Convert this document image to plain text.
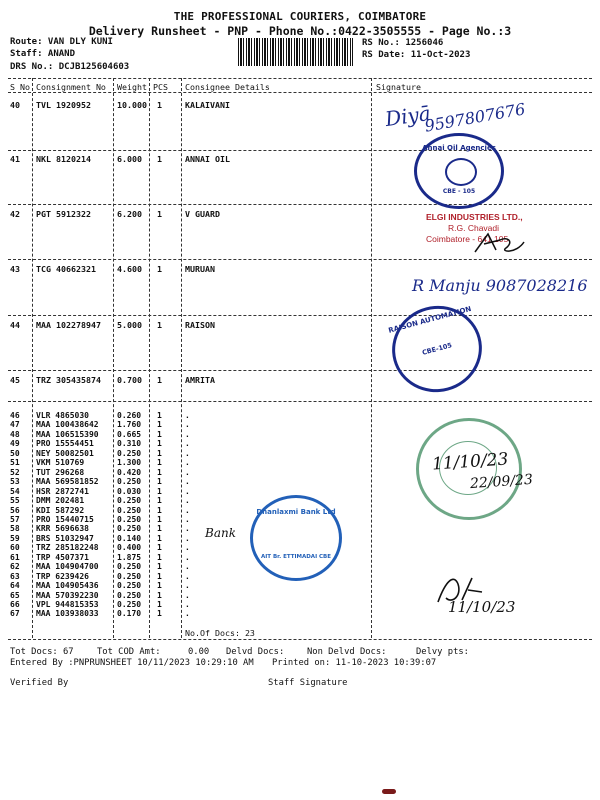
THE PROFESSIONAL COURIERS, COIMBATORE
Delivery Runsheet - PNP - Phone No.:0422-3505555 - Page No.:3
Route: VAN DLY KUNI
Staff: ANAND
DRS No.: DCJB125604603
RS No.: 1256046
RS Date: 11-Oct-2023
S No Consignment No Weight PCS Consignee Details	Signature
40 TVL 1920952	10.000 1	KALAIVANI
41 NKL 8120214	6.000 1	ANNAI OIL
42 PGT 5912322	6.200 1	V GUARD
43 TCG 40662321	4.600 1	MURUAN
44 MAA 102278947 5.000 1	RAISON
45 TRZ 305435874 0.700 1	AMRITA
46 VLR 4865030	0.260 1	.
47 MAA 100438642 1.760 1	.
48 MAA 106515390 0.665 1	.
49 PRO 15554451	0.310 1	.
50 NEY 50082501	0.250 1	.
51 VKM 510769	1.300 1	.
52 TUT 296268	0.420 1	.
53 MAA 569581852 0.250 1	.
54 HSR 2872741	0.030 1	.
55 DMM 202481	0.250 1	.
56 KDI 587292	0.250 1	.
57 PRO 15440715	0.250 1	.
58 KRR 5696638	0.250 1	.
59 BRS 51032947	0.140 1	.
60 TRZ 285182248 0.400 1	.
61 TRP 4507371	1.875 1	.
62 MAA 104904700 0.250 1	.
63 TRP 6239426	0.250 1	.
64 MAA 104905436 0.250 1	.
65 MAA 570392230 0.250 1	.
66 VPL 944815353 0.250 1	.
67 MAA 103938033 0.170 1	.
No.Of Docs: 23
Tot Docs: 67	Tot COD Amt:	0.00 Delvd Docs:	Non Delvd Docs:	Delvy pts:
Entered By :PNPRUNSHEET 10/11/2023 10:29:10 AM Printed on: 11-10-2023 10:39:07
Verified By	Staff Signature
Diyā
9597807676
Annai Oil Agencies
CBE - 105
ELGI INDUSTRIES LTD.,
R.G. Chavadi
Coimbatore - 641 105.
R Manju 9087028216
RAISON AUTOMATION
CBE-105
11/10/23
22/09/23
Bank
Dhanlaxmi Bank Ltd
AIT Br. ETTIMADAI CBE
11/10/23
